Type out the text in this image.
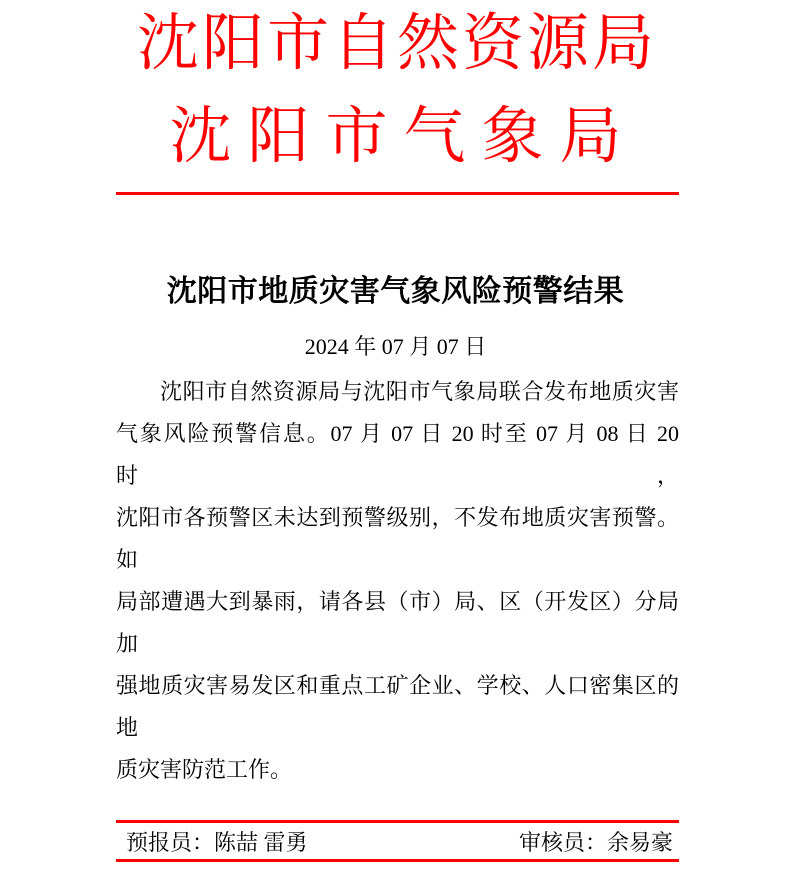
沈阳市自然资源局
沈阳市气象局
沈阳市地质灾害气象风险预警结果
2024 年 07 月 07 日
沈阳市自然资源局与沈阳市气象局联合发布地质灾害
气象风险预警信息。07 月 07 日 20 时至 07 月 08 日 20 时，
沈阳市各预警区未达到预警级别，不发布地质灾害预警。如
局部遭遇大到暴雨，请各县（市）局、区（开发区）分局加
强地质灾害易发区和重点工矿企业、学校、人口密集区的地
质灾害防范工作。
预报员：陈喆 雷勇	审核员：余易豪
